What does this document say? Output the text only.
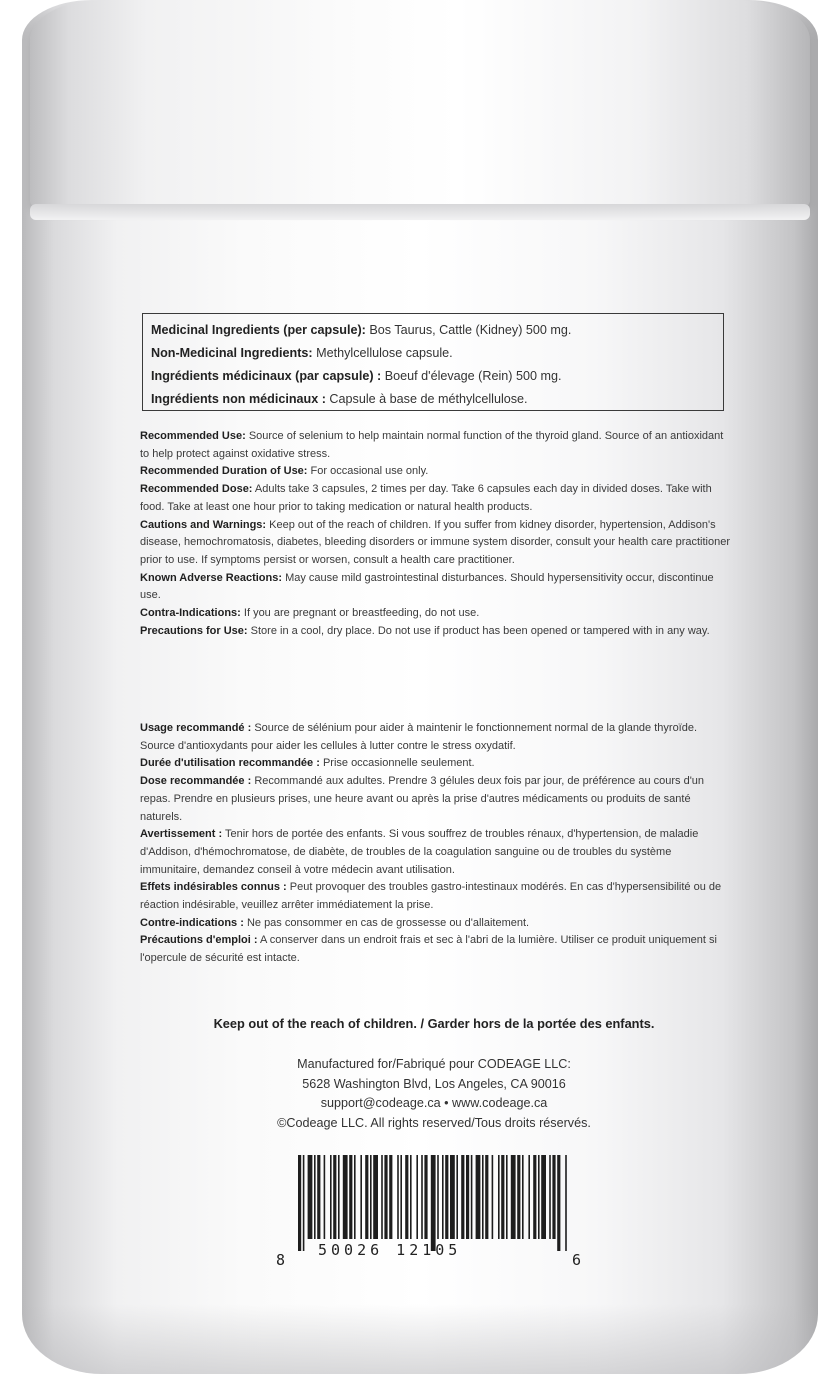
Medicinal Ingredients (per capsule): Bos Taurus, Cattle (Kidney) 500 mg.
Non-Medicinal Ingredients: Methylcellulose capsule.
Ingrédients médicinaux (par capsule) : Boeuf d'élevage (Rein) 500 mg.
Ingrédients non médicinaux : Capsule à base de méthylcellulose.

Recommended Use: Source of selenium to help maintain normal function of the thyroid gland. Source of an antioxidant to help protect against oxidative stress.

Recommended Duration of Use: For occasional use only.

Recommended Dose: Adults take 3 capsules, 2 times per day. Take 6 capsules each day in divided doses. Take with food. Take at least one hour prior to taking medication or natural health products.

Cautions and Warnings: Keep out of the reach of children. If you suffer from kidney disorder, hypertension, Addison's disease, hemochromatosis, diabetes, bleeding disorders or immune system disorder, consult your health care practitioner prior to use. If symptoms persist or worsen, consult a health care practitioner.

Known Adverse Reactions: May cause mild gastrointestinal disturbances. Should hypersensitivity occur, discontinue use.

Contra-Indications: If you are pregnant or breastfeeding, do not use.

Precautions for Use: Store in a cool, dry place. Do not use if product has been opened or tampered with in any way.

Usage recommandé : Source de sélénium pour aider à maintenir le fonctionnement normal de la glande thyroïde. Source d'antioxydants pour aider les cellules à lutter contre le stress oxydatif.

Durée d'utilisation recommandée : Prise occasionnelle seulement.

Dose recommandée : Recommandé aux adultes. Prendre 3 gélules deux fois par jour, de préférence au cours d'un repas. Prendre en plusieurs prises, une heure avant ou après la prise d'autres médicaments ou produits de santé naturels.

Avertissement : Tenir hors de portée des enfants. Si vous souffrez de troubles rénaux, d'hypertension, de maladie d'Addison, d'hémochromatose, de diabète, de troubles de la coagulation sanguine ou de troubles du système immunitaire, demandez conseil à votre médecin avant utilisation.

Effets indésirables connus : Peut provoquer des troubles gastro-intestinaux modérés. En cas d'hypersensibilité ou de réaction indésirable, veuillez arrêter immédiatement la prise.

Contre-indications : Ne pas consommer en cas de grossesse ou d'allaitement.

Précautions d'emploi : A conserver dans un endroit frais et sec à l'abri de la lumière. Utiliser ce produit uniquement si l'opercule de sécurité est intacte.

Keep out of the reach of children. / Garder hors de la portée des enfants.

Manufactured for/Fabriqué pour CODEAGE LLC:

5628 Washington Blvd, Los Angeles, CA 90016

support@codeage.ca • www.codeage.ca

©Codeage LLC. All rights reserved/Tous droits réservés.

8
50026 12105
6
